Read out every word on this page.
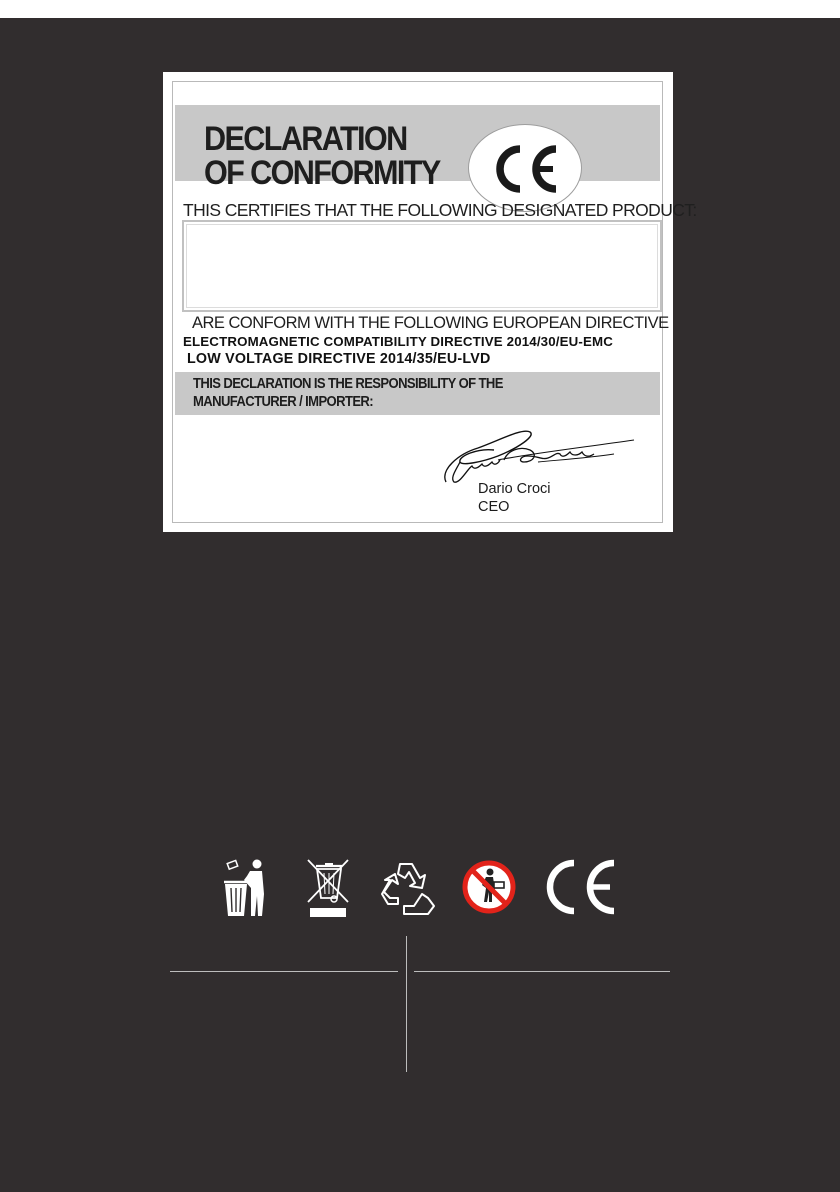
DECLARATION
OF CONFORMITY
THIS CERTIFIES THAT THE FOLLOWING DESIGNATED PRODUCT:
ARE CONFORM WITH THE FOLLOWING EUROPEAN DIRECTIVE
ELECTROMAGNETIC COMPATIBILITY DIRECTIVE 2014/30/EU-EMC
LOW VOLTAGE DIRECTIVE 2014/35/EU-LVD
THIS DECLARATION IS THE RESPONSIBILITY OF THE
MANUFACTURER / IMPORTER:
Dario Croci
CEO
